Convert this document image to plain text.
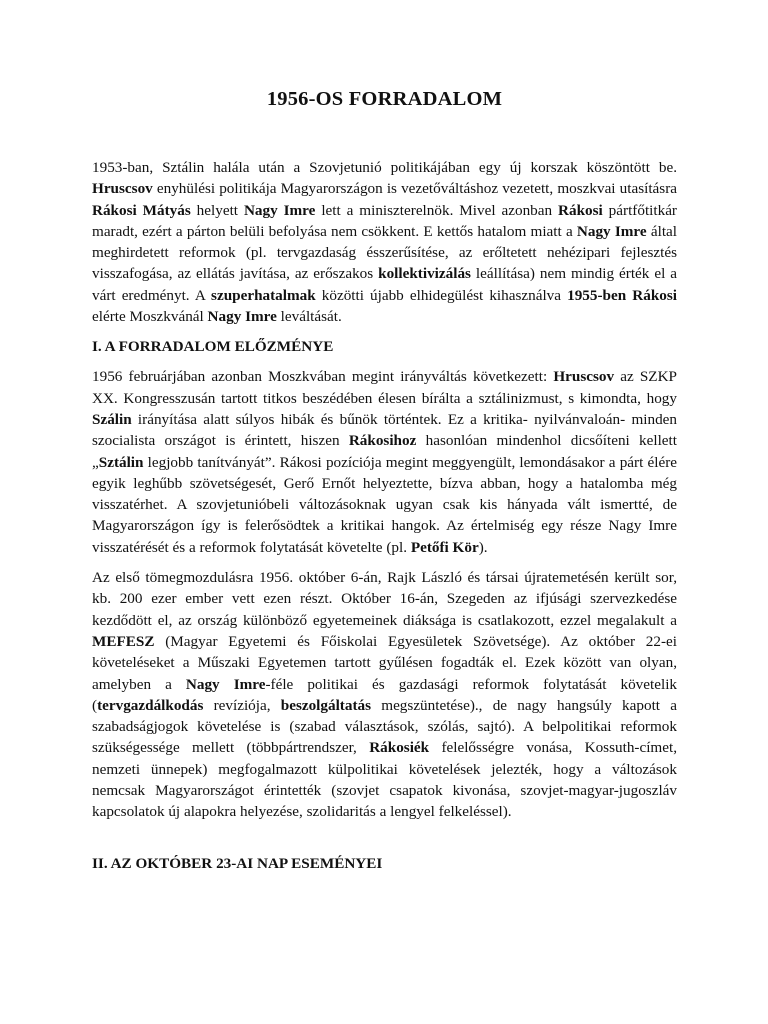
1956-OS FORRADALOM

1953-ban, Sztálin halála után a Szovjetunió politikájában egy új korszak köszöntött be. Hruscsov enyhülési politikája Magyarországon is vezetőváltáshoz vezetett, moszkvai utasításra Rákosi Mátyás helyett Nagy Imre lett a miniszterelnök. Mivel azonban Rákosi pártfőtitkár maradt, ezért a párton belüli befolyása nem csökkent. E kettős hatalom miatt a Nagy Imre által meghirdetett reformok (pl. tervgazdaság ésszerűsítése, az erőltetett nehézipari fejlesztés visszafogása, az ellátás javítása, az erőszakos kollektivizálás leállítása) nem mindig érték el a várt eredményt. A szuperhatalmak közötti újabb elhidegülést kihasználva 1955-ben Rákosi elérte Moszkvánál Nagy Imre leváltását.

I. A FORRADALOM ELŐZMÉNYE

1956 februárjában azonban Moszkvában megint irányváltás következett: Hruscsov az SZKP XX. Kongresszusán tartott titkos beszédében élesen bírálta a sztálinizmust, s kimondta, hogy Szálin irányítása alatt súlyos hibák és bűnök történtek. Ez a kritika- nyilvánvaloán- minden szocialista országot is érintett, hiszen Rákosihoz hasonlóan mindenhol dicsőíteni kellett „Sztálin legjobb tanítványát”. Rákosi pozíciója megint meggyengült, lemondásakor a párt élére egyik leghűbb szövetségesét, Gerő Ernőt helyeztette, bízva abban, hogy a hatalomba még visszatérhet. A szovjetunióbeli változásoknak ugyan csak kis hányada vált ismertté, de Magyarországon így is felerősödtek a kritikai hangok. Az értelmiség egy része Nagy Imre visszatérését és a reformok folytatását követelte (pl. Petőfi Kör).

Az első tömegmozdulásra 1956. október 6-án, Rajk László és társai újratemetésén került sor, kb. 200 ezer ember vett ezen részt. Október 16-án, Szegeden az ifjúsági szervezkedése kezdődött el, az ország különböző egyetemeinek diáksága is csatlakozott, ezzel megalakult a MEFESZ (Magyar Egyetemi és Főiskolai Egyesületek Szövetsége). Az október 22-ei követeléseket a Műszaki Egyetemen tartott gyűlésen fogadták el. Ezek között van olyan, amelyben a Nagy Imre-féle politikai és gazdasági reformok folytatását követelik (tervgazdálkodás revíziója, beszolgáltatás megszüntetése)., de nagy hangsúly kapott a szabadságjogok követelése is (szabad választások, szólás, sajtó). A belpolitikai reformok szükségessége mellett (többpártrendszer, Rákosiék felelősségre vonása, Kossuth-címet, nemzeti ünnepek) megfogalmazott külpolitikai követelések jelezték, hogy a változások nemcsak Magyarországot érintették (szovjet csapatok kivonása, szovjet-magyar-jugoszláv kapcsolatok új alapokra helyezése, szolidaritás a lengyel felkeléssel).

II. AZ OKTÓBER 23-AI NAP ESEMÉNYEI
